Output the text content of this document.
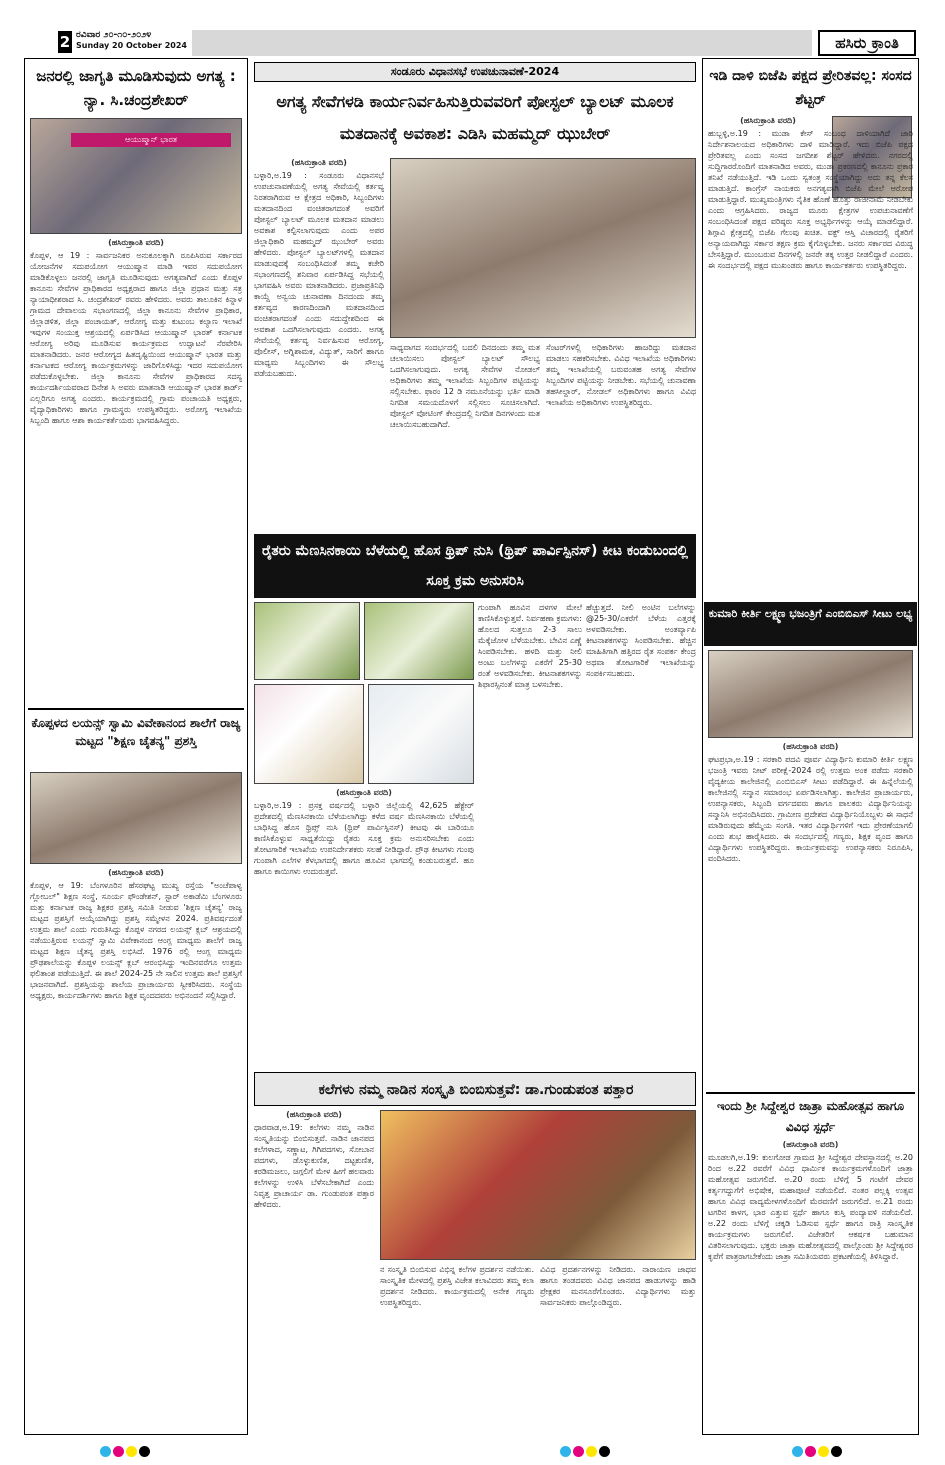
2 ರವಿವಾರ ೨೦-೧೦-೨೦೨೪
Sunday 20 October 2024	ಹಸಿರು ಕ್ರಾಂತಿ
ಜನರಲ್ಲಿ ಜಾಗೃತಿ ಮೂಡಿಸುವುದು ಅಗತ್ಯ : ನ್ಯಾ. ಸಿ.ಚಂದ್ರಶೇಖರ್
ಆಯುಷ್ಮಾನ್ ಭಾರತ
(ಹಸಿರುಕ್ರಾಂತಿ ವರದಿ)
ಕೊಪ್ಪಳ, ಆ 19 : ಸಾರ್ವಜನಿಕರ ಅನುಕೂಲಕ್ಕಾಗಿ ರೂಪಿಸಿರುವ ಸರ್ಕಾರದ ಯೋಜನೆಗಳ ಸದುಪಯೋಗ ಆಯುಷ್ಮಾನ ಮಾಡಿ ಇವರ ಸದುಪಯೋಗ ಮಾಡಿಕೊಳ್ಳಲು ಜನರಲ್ಲಿ ಜಾಗೃತಿ ಮೂಡಿಸುವುದು ಅಗತ್ಯವಾಗಿದೆ ಎಂದು ಕೊಪ್ಪಳ ಕಾನೂನು ಸೇವೆಗಳ ಪ್ರಾಧಿಕಾರದ ಅಧ್ಯಕ್ಷರಾದ ಹಾಗೂ ಜಿಲ್ಲಾ ಪ್ರಧಾನ ಮತ್ತು ಸತ್ರ ನ್ಯಾಯಾಧೀಶರಾದ ಸಿ. ಚಂದ್ರಶೇಖರ್ ರವರು ಹೇಳಿದರು. ಅವರು ತಾಲೂಕಿನ ಕಿನ್ನಾಳ ಗ್ರಾಮದ ದೇವಾಲಯ ಸಭಾಂಗಣದಲ್ಲಿ ಜಿಲ್ಲಾ ಕಾನೂನು ಸೇವೆಗಳ ಪ್ರಾಧಿಕಾರ, ಜಿಲ್ಲಾಡಳಿತ, ಜಿಲ್ಲಾ ಪಂಚಾಯತ್, ಆರೋಗ್ಯ ಮತ್ತು ಕುಟುಂಬ ಕಲ್ಯಾಣ ಇಲಾಖೆ ಇವುಗಳ ಸಂಯುಕ್ತ ಆಶ್ರಯದಲ್ಲಿ ಏರ್ಪಡಿಸಿದ ಆಯುಷ್ಮಾನ್ ಭಾರತ್ ಕರ್ನಾಟಕ ಆರೋಗ್ಯ ಅರಿವು ಮೂಡಿಸುವ ಕಾರ್ಯಕ್ರಮದ ಉದ್ಘಾಟನೆ ನೆರವೇರಿಸಿ ಮಾತನಾಡಿದರು. ಜನರ ಆರೋಗ್ಯದ ಹಿತದೃಷ್ಟಿಯಿಂದ ಆಯುಷ್ಮಾನ್ ಭಾರತ ಮತ್ತು ಕರ್ನಾಟಕದ ಆರೋಗ್ಯ ಕಾರ್ಯಕ್ರಮಗಳನ್ನು ಜಾರಿಗೊಳಿಸಿದ್ದು ಇದರ ಸದುಪಯೋಗ ಪಡೆದುಕೊಳ್ಳಬೇಕು. ಜಿಲ್ಲಾ ಕಾನೂನು ಸೇವೆಗಳ ಪ್ರಾಧಿಕಾರದ ಸದಸ್ಯ ಕಾರ್ಯದರ್ಶಿಯವರಾದ ದಿನೇಶ ಸಿ ಅವರು ಮಾತನಾಡಿ ಆಯುಷ್ಮಾನ್ ಭಾರತ ಕಾರ್ಡ್ ಎಲ್ಲರಿಗೂ ಅಗತ್ಯ ಎಂದರು. ಕಾರ್ಯಕ್ರಮದಲ್ಲಿ ಗ್ರಾಮ ಪಂಚಾಯತಿ ಅಧ್ಯಕ್ಷರು, ವೈದ್ಯಾಧಿಕಾರಿಗಳು ಹಾಗೂ ಗ್ರಾಮಸ್ಥರು ಉಪಸ್ಥಿತರಿದ್ದರು. ಅರೋಗ್ಯ ಇಲಾಖೆಯ ಸಿಬ್ಬಂದಿ ಹಾಗೂ ಆಶಾ ಕಾರ್ಯಕರ್ತೆಯರು ಭಾಗವಹಿಸಿದ್ದರು.
ಕೊಪ್ಪಳದ ಲಯನ್ಸ್ ಸ್ವಾಮಿ ವಿವೇಕಾನಂದ ಶಾಲೆಗೆ ರಾಜ್ಯ ಮಟ್ಟದ "ಶಿಕ್ಷಣ ಚೈತನ್ಯ" ಪ್ರಶಸ್ತಿ
(ಹಸಿರುಕ್ರಾಂತಿ ವರದಿ)
ಕೊಪ್ಪಳ, ಆ 19: ಬೆಂಗಳೂರಿನ ಹೆಸರಘಟ್ಟ ಮುಖ್ಯ ರಸ್ತೆಯ "ಅಂಚೆಪಾಳ್ಯ ಗ್ಲೋಬಲ್" ಶಿಕ್ಷಣ ಸಂಸ್ಥೆ, ಸೂರ್ಯ ಫೌಂಡೇಶನ್, ಸ್ಟಾರ್ ಅಕಾಡೆಮಿ ಬೆಂಗಳೂರು ಮತ್ತು ಕರ್ನಾಟಕ ರಾಜ್ಯ ಶಿಕ್ಷಕರ ಪ್ರಶಸ್ತಿ ಸಮಿತಿ ನೀಡುವ 'ಶಿಕ್ಷಣ ಚೈತನ್ಯ' ರಾಜ್ಯ ಮಟ್ಟದ ಪ್ರಶಸ್ತಿಗೆ ಆಯ್ಕೆಯಾಗಿದ್ದು ಪ್ರಶಸ್ತಿ ಸಮ್ಮೇಳನ 2024. ಪ್ರತಿವರ್ಷದಂತೆ ಉತ್ತಮ ಶಾಲೆ ಎಂದು ಗುರುತಿಸಿದ್ದು ಕೊಪ್ಪಳ ನಗರದ ಲಯನ್ಸ್ ಕ್ಲಬ್ ಆಶ್ರಯದಲ್ಲಿ ನಡೆಯುತ್ತಿರುವ ಲಯನ್ಸ್ ಸ್ವಾಮಿ ವಿವೇಕಾನಂದ ಆಂಗ್ಲ ಮಾಧ್ಯಮ ಶಾಲೆಗೆ ರಾಜ್ಯ ಮಟ್ಟದ ಶಿಕ್ಷಣ ಚೈತನ್ಯ ಪ್ರಶಸ್ತಿ ಲಭಿಸಿದೆ. 1976 ರಲ್ಲಿ ಆಂಗ್ಲ ಮಾಧ್ಯಮ ಪ್ರೌಢಶಾಲೆಯನ್ನು ಕೊಪ್ಪಳ ಲಯನ್ಸ್ ಕ್ಲಬ್ ಆರಂಭಿಸಿದ್ದು ಇಂದಿನವರೆಗೂ ಉತ್ತಮ ಫಲಿತಾಂಶ ಪಡೆಯುತ್ತಿದೆ. ಈ ಶಾಲೆ 2024-25 ನೇ ಸಾಲಿನ ಉತ್ತಮ ಶಾಲೆ ಪ್ರಶಸ್ತಿಗೆ ಭಾಜನವಾಗಿದೆ. ಪ್ರಶಸ್ತಿಯನ್ನು ಶಾಲೆಯ ಪ್ರಾಚಾರ್ಯರು ಸ್ವೀಕರಿಸಿದರು. ಸಂಸ್ಥೆಯ ಅಧ್ಯಕ್ಷರು, ಕಾರ್ಯದರ್ಶಿಗಳು ಹಾಗೂ ಶಿಕ್ಷಕ ವೃಂದದವರು ಅಭಿನಂದನೆ ಸಲ್ಲಿಸಿದ್ದಾರೆ.
ಸಂಡೂರು ವಿಧಾನಸಭೆ ಉಪಚುನಾವಣೆ-2024
ಅಗತ್ಯ ಸೇವೆಗಳಡಿ ಕಾರ್ಯನಿರ್ವಹಿಸುತ್ತಿರುವವರಿಗೆ ಪೋಸ್ಟಲ್ ಬ್ಯಾಲಟ್ ಮೂಲಕ ಮತದಾನಕ್ಕೆ ಅವಕಾಶ: ಎಡಿಸಿ ಮಹಮ್ಮದ್ ಝುಬೇರ್
(ಹಸಿರುಕ್ರಾಂತಿ ವರದಿ)
ಬಳ್ಳಾರಿ,ಅ.19 : ಸಂಡೂರು ವಿಧಾನಸಭೆ ಉಪಚುನಾವಣೆಯಲ್ಲಿ ಅಗತ್ಯ ಸೇವೆಯಲ್ಲಿ ಕರ್ತವ್ಯ ನಿರತರಾಗಿರುವ ಆ ಕ್ಷೇತ್ರದ ಅಧಿಕಾರಿ, ಸಿಬ್ಬಂದಿಗಳು ಮತದಾನದಿಂದ ವಂಚಿತರಾಗದಂತೆ ಅವರಿಗೆ ಪೋಸ್ಟಲ್ ಬ್ಯಾಲಟ್ ಮೂಲಕ ಮತದಾನ ಮಾಡಲು ಅವಕಾಶ ಕಲ್ಪಿಸಲಾಗುವುದು ಎಂದು ಅಪರ ಜಿಲ್ಲಾಧಿಕಾರಿ ಮಹಮ್ಮದ್ ಝುಬೇರ್ ಅವರು ಹೇಳಿದರು. ಪೋಸ್ಟಲ್ ಬ್ಯಾಲಟ್‍ಗಳಲ್ಲಿ ಮತದಾನ ಮಾಡುವುದಕ್ಕೆ ಸಂಬಂಧಿಸಿದಂತೆ ತಮ್ಮ ಕಚೇರಿ ಸಭಾಂಗಣದಲ್ಲಿ ಶನಿವಾರ ಏರ್ಪಡಿಸಿದ್ದ ಸಭೆಯಲ್ಲಿ ಭಾಗವಹಿಸಿ ಅವರು ಮಾತನಾಡಿದರು. ಪ್ರಜಾಪ್ರತಿನಿಧಿ ಕಾಯ್ದೆ ಅನ್ವಯ ಚುನಾವಣಾ ದಿನದಂದು ತಮ್ಮ ಕರ್ತವ್ಯದ ಕಾರಣದಿಂದಾಗಿ ಮತದಾನದಿಂದ ವಂಚಿತರಾಗದಂತೆ ಎಂದು ಸದುದ್ದೇಶದಿಂದ ಈ ಅವಕಾಶ ಒದಗಿಸಲಾಗುವುದು ಎಂದರು. ಅಗತ್ಯ ಸೇವೆಯಲ್ಲಿ ಕರ್ತವ್ಯ ನಿರ್ವಹಿಸುವ ಆರೋಗ್ಯ, ಪೊಲೀಸ್, ಅಗ್ನಿಶಾಮಕ, ವಿದ್ಯುತ್, ಸಾರಿಗೆ ಹಾಗೂ ಮಾಧ್ಯಮ ಸಿಬ್ಬಂದಿಗಳು ಈ ಸೌಲಭ್ಯ ಪಡೆಯಬಹುದು.
ಸಾಧ್ಯವಾಗದ ಸಂದರ್ಭದಲ್ಲಿ ಬದಲಿ ದಿನದಂದು ತಮ್ಮ ಮತ ಚಲಾಯಿಸಲು ಪೋಸ್ಟಲ್ ಬ್ಯಾಲಟ್ ಸೌಲಭ್ಯ ಒದಗಿಸಲಾಗುವುದು. ಅಗತ್ಯ ಸೇವೆಗಳ ನೋಡಲ್ ಅಧಿಕಾರಿಗಳು ತಮ್ಮ ಇಲಾಖೆಯ ಸಿಬ್ಬಂದಿಗಳ ಪಟ್ಟಿಯನ್ನು ಸಲ್ಲಿಸಬೇಕು. ಫಾರಂ 12 ಡಿ ನಮೂನೆಯನ್ನು ಭರ್ತಿ ಮಾಡಿ ನಿಗದಿತ ಸಮಯದೊಳಗೆ ಸಲ್ಲಿಸಲು ಸೂಚಿಸಲಾಗಿದೆ. ಪೋಸ್ಟಲ್ ವೋಟಿಂಗ್ ಕೇಂದ್ರದಲ್ಲಿ ನಿಗದಿತ ದಿನಗಳಂದು ಮತ ಚಲಾಯಿಸಬಹುದಾಗಿದೆ.
ಸೆಂಟರ್‌ಗಳಲ್ಲಿ ಅಧಿಕಾರಿಗಳು ಹಾಜರಿದ್ದು ಮತದಾನ ಮಾಡಲು ಸಹಕರಿಸಬೇಕು. ವಿವಿಧ ಇಲಾಖೆಯ ಅಧಿಕಾರಿಗಳು ತಮ್ಮ ಇಲಾಖೆಯಲ್ಲಿ ಬರುವಂತಹ ಅಗತ್ಯ ಸೇವೆಗಳ ಸಿಬ್ಬಂದಿಗಳ ಪಟ್ಟಿಯನ್ನು ನೀಡಬೇಕು. ಸಭೆಯಲ್ಲಿ ಚುನಾವಣಾ ತಹಸೀಲ್ದಾರ್, ನೋಡಲ್ ಅಧಿಕಾರಿಗಳು ಹಾಗೂ ವಿವಿಧ ಇಲಾಖೆಯ ಅಧಿಕಾರಿಗಳು ಉಪಸ್ಥಿತರಿದ್ದರು.
ರೈತರು ಮೆಣಸಿನಕಾಯಿ ಬೆಳೆಯಲ್ಲಿ ಹೊಸ ಥ್ರಿಪ್ ನುಸಿ (ಥ್ರಿಪ್ ಪಾರ್ವಿಸ್ಪಿನಸ್) ಕೀಟ ಕಂಡುಬಂದಲ್ಲಿ ಸೂಕ್ತ ಕ್ರಮ ಅನುಸರಿಸಿ
(ಹಸಿರುಕ್ರಾಂತಿ ವರದಿ)
ಬಳ್ಳಾರಿ,ಅ.19 : ಪ್ರಸಕ್ತ ವರ್ಷದಲ್ಲಿ ಬಳ್ಳಾರಿ ಜಿಲ್ಲೆಯಲ್ಲಿ 42,625 ಹೆಕ್ಟೇರ್ ಪ್ರದೇಶದಲ್ಲಿ ಮೆಣಸಿನಕಾಯಿ ಬೆಳೆಯಲಾಗಿದ್ದು ಕಳೆದ ವರ್ಷ ಮೆಣಸಿನಕಾಯಿ ಬೆಳೆಯಲ್ಲಿ ಬಾಧಿಸಿದ್ದ ಹೊಸ ಥ್ರಿಪ್ಸ್ ನುಸಿ (ಥ್ರಿಪ್ ಪಾರ್ವಿಸ್ಪಿನಸ್) ಕೀಟವು ಈ ಬಾರಿಯೂ ಕಾಣಿಸಿಕೊಳ್ಳುವ ಸಾಧ್ಯತೆಯಿದ್ದು ರೈತರು ಸೂಕ್ತ ಕ್ರಮ ಅನುಸರಿಸಬೇಕು ಎಂದು ತೋಟಗಾರಿಕೆ ಇಲಾಖೆಯ ಉಪನಿರ್ದೇಶಕರು ಸಲಹೆ ನೀಡಿದ್ದಾರೆ. ಪ್ರೌಢ ಕೀಟಗಳು ಗುಂಪು ಗುಂಪಾಗಿ ಎಲೆಗಳ ಕೆಳಭಾಗದಲ್ಲಿ ಹಾಗೂ ಹೂವಿನ ಭಾಗದಲ್ಲಿ ಕಂಡುಬರುತ್ತವೆ. ಹೂ ಹಾಗೂ ಕಾಯಿಗಳು ಉದುರುತ್ತವೆ.
ಗುಂಪಾಗಿ ಹೂವಿನ ದಳಗಳ ಮೇಲೆ ಕಾಣಿಸಿಕೊಳ್ಳುತ್ತವೆ. ನಿರ್ವಹಣಾ ಕ್ರಮಗಳು: ಹೊಲದ ಸುತ್ತಲೂ 2-3 ಸಾಲು ಮೆಕ್ಕೆಜೋಳ ಬೆಳೆಯಬೇಕು. ಬೇವಿನ ಎಣ್ಣೆ ಸಿಂಪಡಿಸಬೇಕು. ಹಳದಿ ಮತ್ತು ನೀಲಿ ಅಂಟು ಬಲೆಗಳನ್ನು ಎಕರೆಗೆ 25-30 ರಂತೆ ಅಳವಡಿಸಬೇಕು. ಕೀಟನಾಶಕಗಳನ್ನು ಶಿಫಾರಸ್ಸಿನಂತೆ ಮಾತ್ರ ಬಳಸಬೇಕು.
ಹೆಚ್ಚುತ್ತದೆ. ನೀಲಿ ಅಂಟಿನ ಬಲೆಗಳನ್ನು @25-30/ಎಕರೆಗೆ ಬೆಳೆಯ ಎತ್ತರಕ್ಕೆ ಅಳವಡಿಸಬೇಕು. ಅಂತರ್ವ್ಯಾಪಿ ಕೀಟನಾಶಕಗಳನ್ನು ಸಿಂಪಡಿಸಬೇಕು. ಹೆಚ್ಚಿನ ಮಾಹಿತಿಗಾಗಿ ಹತ್ತಿರದ ರೈತ ಸಂಪರ್ಕ ಕೇಂದ್ರ ಅಥವಾ ತೋಟಗಾರಿಕೆ ಇಲಾಖೆಯನ್ನು ಸಂಪರ್ಕಿಸಬಹುದು.
ಕಲೆಗಳು ನಮ್ಮ ನಾಡಿನ ಸಂಸ್ಕೃತಿ ಬಿಂಬಿಸುತ್ತವೆ: ಡಾ.ಗುಂಡುಪಂತ ಪತ್ತಾರ
(ಹಸಿರುಕ್ರಾಂತಿ ವರದಿ)
ಧಾರವಾಡ,ಅ.19: ಕಲೆಗಳು ನಮ್ಮ ನಾಡಿನ ಸಂಸ್ಕೃತಿಯನ್ನು ಬಿಂಬಿಸುತ್ತವೆ. ನಾಡಿನ ಜಾನಪದ ಕಲೆಗಳಾದ, ಸಣ್ಣಾಟ, ಗಿಗಿಪದಗಳು, ಸೋಬಾನ ಪದಗಳು, ಡೊಳ್ಳುಕುಣಿತ, ದಟ್ಟಕುಣಿತ, ಕರಡಿಮಜಲು, ಜಗ್ಗಲಿಗೆ ಮೇಳ ಹೀಗೆ ಹಲವಾರು ಕಲೆಗಳನ್ನು ಉಳಿಸಿ ಬೆಳೆಸಬೇಕಾಗಿದೆ ಎಂದು ನಿವೃತ್ತ ಪ್ರಾಚಾರ್ಯ ಡಾ. ಗುಂಡುಪಂತ ಪತ್ತಾರ ಹೇಳಿದರು.
ನ ಸಂಸ್ಕೃತಿ ಬಿಂಬಿಸುವ ವಿಭಿನ್ನ ಕಲೆಗಳ ಪ್ರದರ್ಶನ ನಡೆಯಿತು. ಸಾಂಸ್ಕೃತಿಕ ಮೇಳದಲ್ಲಿ ಪ್ರಶಸ್ತಿ ವಿಜೇತ ಕಲಾವಿದರು ತಮ್ಮ ಕಲಾ ಪ್ರದರ್ಶನ ನೀಡಿದರು. ಕಾರ್ಯಕ್ರಮದಲ್ಲಿ ಅನೇಕ ಗಣ್ಯರು ಉಪಸ್ಥಿತರಿದ್ದರು.
ವಿವಿಧ ಪ್ರದರ್ಶನಗಳನ್ನು ನೀಡಿದರು. ನಾರಾಯಣ ಜಾಧವ ಹಾಗೂ ತಂಡದವರು ವಿವಿಧ ಜಾನಪದ ಹಾಡುಗಳನ್ನು ಹಾಡಿ ಪ್ರೇಕ್ಷಕರ ಮನಸೂರೆಗೊಂಡರು. ವಿದ್ಯಾರ್ಥಿಗಳು ಮತ್ತು ಸಾರ್ವಜನಿಕರು ಪಾಲ್ಗೊಂಡಿದ್ದರು.
ಇಡಿ ದಾಳಿ ಬಿಜೆಪಿ ಪಕ್ಷದ ಪ್ರೇರಿತವಲ್ಲ: ಸಂಸದ ಶೆಟ್ಟರ್
(ಹಸಿರುಕ್ರಾಂತಿ ವರದಿ)
ಹುಬ್ಬಳ್ಳಿ,ಅ.19 : ಮುಡಾ ಕೇಸ್ ಸಂಬಂಧ ದಾಳಿಯಾಗಿದೆ ಜಾರಿ ನಿರ್ದೇಶನಾಲಯದ ಅಧಿಕಾರಿಗಳು ದಾಳಿ ಮಾಡಿದ್ದಾರೆ. ಇದು ಬಿಜೆಪಿ ಪಕ್ಷದ ಪ್ರೇರಿತವಲ್ಲ ಎಂದು ಸಂಸದ ಜಗದೀಶ ಶೆಟ್ಟರ್ ಹೇಳಿದರು. ನಗರದಲ್ಲಿ ಸುದ್ದಿಗಾರರೊಂದಿಗೆ ಮಾತನಾಡಿದ ಅವರು, ಮುಡಾ ಪ್ರಕರಣದಲ್ಲಿ ಕಾನೂನು ಪ್ರಕಾರ ತನಿಖೆ ನಡೆಯುತ್ತಿದೆ. ಇಡಿ ಒಂದು ಸ್ವತಂತ್ರ ಸಂಸ್ಥೆಯಾಗಿದ್ದು ಅದು ತನ್ನ ಕೆಲಸ ಮಾಡುತ್ತಿದೆ. ಕಾಂಗ್ರೆಸ್ ನಾಯಕರು ಅನಗತ್ಯವಾಗಿ ಬಿಜೆಪಿ ಮೇಲೆ ಆರೋಪ ಮಾಡುತ್ತಿದ್ದಾರೆ. ಮುಖ್ಯಮಂತ್ರಿಗಳು ನೈತಿಕ ಹೊಣೆ ಹೊತ್ತು ರಾಜೀನಾಮೆ ನೀಡಬೇಕು ಎಂದು ಆಗ್ರಹಿಸಿದರು. ರಾಜ್ಯದ ಮೂರು ಕ್ಷೇತ್ರಗಳ ಉಪಚುನಾವಣೆಗೆ ಸಂಬಂಧಿಸಿದಂತೆ ಪಕ್ಷದ ವರಿಷ್ಠರು ಸೂಕ್ತ ಅಭ್ಯರ್ಥಿಗಳನ್ನು ಆಯ್ಕೆ ಮಾಡಲಿದ್ದಾರೆ. ಶಿಗ್ಗಾವಿ ಕ್ಷೇತ್ರದಲ್ಲಿ ಬಿಜೆಪಿ ಗೆಲುವು ಖಚಿತ. ವಕ್ಫ್ ಆಸ್ತಿ ವಿಚಾರದಲ್ಲಿ ರೈತರಿಗೆ ಅನ್ಯಾಯವಾಗಿದ್ದು ಸರ್ಕಾರ ತಕ್ಷಣ ಕ್ರಮ ಕೈಗೊಳ್ಳಬೇಕು. ಜನರು ಸರ್ಕಾರದ ವಿರುದ್ಧ ಬೇಸತ್ತಿದ್ದಾರೆ. ಮುಂಬರುವ ದಿನಗಳಲ್ಲಿ ಜನರೇ ತಕ್ಕ ಉತ್ತರ ನೀಡಲಿದ್ದಾರೆ ಎಂದರು. ಈ ಸಂದರ್ಭದಲ್ಲಿ ಪಕ್ಷದ ಮುಖಂಡರು ಹಾಗೂ ಕಾರ್ಯಕರ್ತರು ಉಪಸ್ಥಿತರಿದ್ದರು.
ಕುಮಾರಿ ಕೀರ್ತಿ ಲಕ್ಷ್ಮಣ ಭಜಂತ್ರಿಗೆ ಎಂಬಿಬಿಎಸ್ ಸೀಟು ಲಭ್ಯ
(ಹಸಿರುಕ್ರಾಂತಿ ವರದಿ)
ಘಟಪ್ರಭಾ,ಅ.19 : ಸರಕಾರಿ ಪದವಿ ಪೂರ್ವ ವಿದ್ಯಾರ್ಥಿನಿ ಕುಮಾರಿ ಕೀರ್ತಿ ಲಕ್ಷ್ಮಣ ಭಜಂತ್ರಿ ಇವರು ನೀಟ್ ಪರೀಕ್ಷೆ-2024 ರಲ್ಲಿ ಉತ್ತಮ ಅಂಕ ಪಡೆದು ಸರಕಾರಿ ವೈದ್ಯಕೀಯ ಕಾಲೇಜಿನಲ್ಲಿ ಎಂಬಿಬಿಎಸ್ ಸೀಟು ಪಡೆದಿದ್ದಾರೆ. ಈ ಹಿನ್ನೆಲೆಯಲ್ಲಿ ಕಾಲೇಜಿನಲ್ಲಿ ಸನ್ಮಾನ ಸಮಾರಂಭ ಏರ್ಪಡಿಸಲಾಗಿತ್ತು. ಕಾಲೇಜಿನ ಪ್ರಾಚಾರ್ಯರು, ಉಪನ್ಯಾಸಕರು, ಸಿಬ್ಬಂದಿ ವರ್ಗದವರು ಹಾಗೂ ಪಾಲಕರು ವಿದ್ಯಾರ್ಥಿನಿಯನ್ನು ಸನ್ಮಾನಿಸಿ ಅಭಿನಂದಿಸಿದರು. ಗ್ರಾಮೀಣ ಪ್ರದೇಶದ ವಿದ್ಯಾರ್ಥಿನಿಯೊಬ್ಬಳು ಈ ಸಾಧನೆ ಮಾಡಿರುವುದು ಹೆಮ್ಮೆಯ ಸಂಗತಿ. ಇತರ ವಿದ್ಯಾರ್ಥಿಗಳಿಗೆ ಇದು ಪ್ರೇರಣೆಯಾಗಲಿ ಎಂದು ಶುಭ ಹಾರೈಸಿದರು. ಈ ಸಂದರ್ಭದಲ್ಲಿ ಗಣ್ಯರು, ಶಿಕ್ಷಕ ವೃಂದ ಹಾಗೂ ವಿದ್ಯಾರ್ಥಿಗಳು ಉಪಸ್ಥಿತರಿದ್ದರು. ಕಾರ್ಯಕ್ರಮವನ್ನು ಉಪನ್ಯಾಸಕರು ನಿರೂಪಿಸಿ, ವಂದಿಸಿದರು.
ಇಂದು ಶ್ರೀ ಸಿದ್ದೇಶ್ವರ ಜಾತ್ರಾ ಮಹೋತ್ಸವ ಹಾಗೂ ವಿವಿಧ ಸ್ಪರ್ಧೆ
(ಹಸಿರುಕ್ರಾಂತಿ ವರದಿ)
ಮೂಡಲಗಿ,ಅ.19: ಕುಲಗೋಡ ಗ್ರಾಮದ ಶ್ರೀ ಸಿದ್ದೇಶ್ವರ ದೇವಸ್ಥಾನದಲ್ಲಿ ಅ.20 ರಿಂದ ಅ.22 ರವರೆಗೆ ವಿವಿಧ ಧಾರ್ಮಿಕ ಕಾರ್ಯಕ್ರಮಗಳೊಂದಿಗೆ ಜಾತ್ರಾ ಮಹೋತ್ಸವ ಜರುಗಲಿದೆ. ಅ.20 ರಂದು ಬೆಳಿಗ್ಗೆ 5 ಗಂಟೆಗೆ ದೇವರ ಕರ್ತೃಗದ್ದುಗೆಗೆ ಅಭಿಷೇಕ, ಮಹಾಪೂಜೆ ನಡೆಯಲಿದೆ. ನಂತರ ಪಲ್ಲಕ್ಕಿ ಉತ್ಸವ ಹಾಗೂ ವಿವಿಧ ವಾದ್ಯಮೇಳಗಳೊಂದಿಗೆ ಮೆರವಣಿಗೆ ಜರುಗಲಿದೆ. ಅ.21 ರಂದು ಟಗರಿನ ಕಾಳಗ, ಭಾರ ಎತ್ತುವ ಸ್ಪರ್ಧೆ ಹಾಗೂ ಕುಸ್ತಿ ಪಂದ್ಯಾವಳಿ ನಡೆಯಲಿದೆ. ಅ.22 ರಂದು ಬೆಳಿಗ್ಗೆ ಚಕ್ಕಡಿ ಓಡಿಸುವ ಸ್ಪರ್ಧೆ ಹಾಗೂ ರಾತ್ರಿ ಸಾಂಸ್ಕೃತಿಕ ಕಾರ್ಯಕ್ರಮಗಳು ಜರುಗಲಿವೆ. ವಿಜೇತರಿಗೆ ಆಕರ್ಷಕ ಬಹುಮಾನ ವಿತರಿಸಲಾಗುವುದು. ಭಕ್ತರು ಜಾತ್ರಾ ಮಹೋತ್ಸವದಲ್ಲಿ ಪಾಲ್ಗೊಂಡು ಶ್ರೀ ಸಿದ್ದೇಶ್ವರರ ಕೃಪೆಗೆ ಪಾತ್ರರಾಗಬೇಕೆಂದು ಜಾತ್ರಾ ಸಮಿತಿಯವರು ಪ್ರಕಟಣೆಯಲ್ಲಿ ತಿಳಿಸಿದ್ದಾರೆ.
